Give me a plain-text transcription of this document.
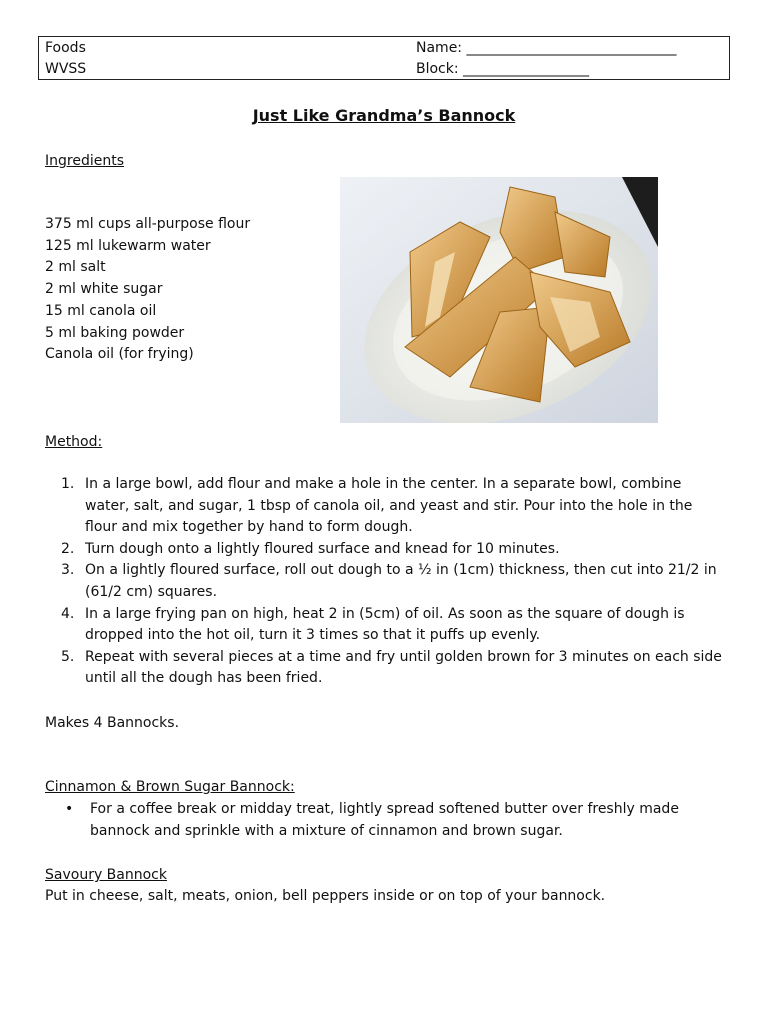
Foods
WVSS
Name: ______________________________
Block: __________________
Just Like Grandma’s Bannock
Ingredients
375 ml cups all-purpose flour
125 ml lukewarm water
2 ml salt
2 ml white sugar
15 ml canola oil
5 ml baking powder
Canola oil (for frying)
Method:
1. In a large bowl, add flour and make a hole in the center. In a separate bowl, combine water, salt, and sugar, 1 tbsp of canola oil, and yeast and stir. Pour into the hole in the flour and mix together by hand to form dough.
2. Turn dough onto a lightly floured surface and knead for 10 minutes.
3. On a lightly floured surface, roll out dough to a ½ in (1cm) thickness, then cut into 21/2 in (61/2 cm) squares.
4. In a large frying pan on high, heat 2 in (5cm) of oil. As soon as the square of dough is dropped into the hot oil, turn it 3 times so that it puffs up evenly.
5. Repeat with several pieces at a time and fry until golden brown for 3 minutes on each side until all the dough has been fried.
Makes 4 Bannocks.
Cinnamon & Brown Sugar Bannock:
• For a coffee break or midday treat, lightly spread softened butter over freshly made bannock and sprinkle with a mixture of cinnamon and brown sugar.
Savoury Bannock
Put in cheese, salt, meats, onion, bell peppers inside or on top of your bannock.
